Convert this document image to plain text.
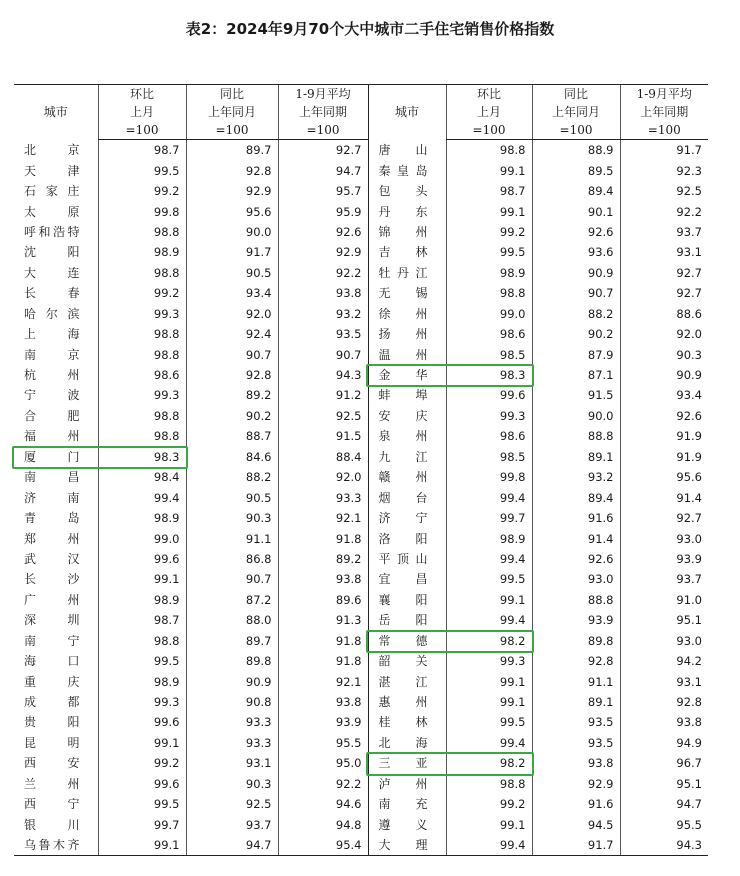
表2：2024年9月70个大中城市二手住宅销售价格指数
城市	环比	同比	1-9月平均	城市	环比	同比	1-9月平均
	上月	上年同月	上年同期		上月	上年同月	上年同期
	=100	=100	=100		=100	=100	=100
北京	98.7	89.7	92.7	唐山	98.8	88.9	91.7
天津	99.5	92.8	94.7	秦皇岛	99.1	89.5	92.3
石家庄	99.2	92.9	95.7	包头	98.7	89.4	92.5
太原	99.8	95.6	95.9	丹东	99.1	90.1	92.2
呼和浩特	98.8	90.0	92.6	锦州	99.2	92.6	93.7
沈阳	98.9	91.7	92.9	吉林	99.5	93.6	93.1
大连	98.8	90.5	92.2	牡丹江	98.9	90.9	92.7
长春	99.2	93.4	93.8	无锡	98.8	90.7	92.7
哈尔滨	99.3	92.0	93.2	徐州	99.0	88.2	88.6
上海	98.8	92.4	93.5	扬州	98.6	90.2	92.0
南京	98.8	90.7	90.7	温州	98.5	87.9	90.3
杭州	98.6	92.8	94.3	金华	98.3	87.1	90.9
宁波	99.3	89.2	91.2	蚌埠	99.6	91.5	93.4
合肥	98.8	90.2	92.5	安庆	99.3	90.0	92.6
福州	98.8	88.7	91.5	泉州	98.6	88.8	91.9
厦门	98.3	84.6	88.4	九江	98.5	89.1	91.9
南昌	98.4	88.2	92.0	赣州	99.8	93.2	95.6
济南	99.4	90.5	93.3	烟台	99.4	89.4	91.4
青岛	98.9	90.3	92.1	济宁	99.7	91.6	92.7
郑州	99.0	91.1	91.8	洛阳	98.9	91.4	93.0
武汉	99.6	86.8	89.2	平顶山	99.4	92.6	93.9
长沙	99.1	90.7	93.8	宜昌	99.5	93.0	93.7
广州	98.9	87.2	89.6	襄阳	99.1	88.8	91.0
深圳	98.7	88.0	91.3	岳阳	99.4	93.9	95.1
南宁	98.8	89.7	91.8	常德	98.2	89.8	93.0
海口	99.5	89.8	91.8	韶关	99.3	92.8	94.2
重庆	98.9	90.9	92.1	湛江	99.1	91.1	93.1
成都	99.3	90.8	93.8	惠州	99.1	89.1	92.8
贵阳	99.6	93.3	93.9	桂林	99.5	93.5	93.8
昆明	99.1	93.3	95.5	北海	99.4	93.5	94.9
西安	99.2	93.1	95.0	三亚	98.2	93.8	96.7
兰州	99.6	90.3	92.2	泸州	98.8	92.9	95.1
西宁	99.5	92.5	94.6	南充	99.2	91.6	94.7
银川	99.7	93.7	94.8	遵义	99.1	94.5	95.5
乌鲁木齐	99.1	94.7	95.4	大理	99.4	91.7	94.3
